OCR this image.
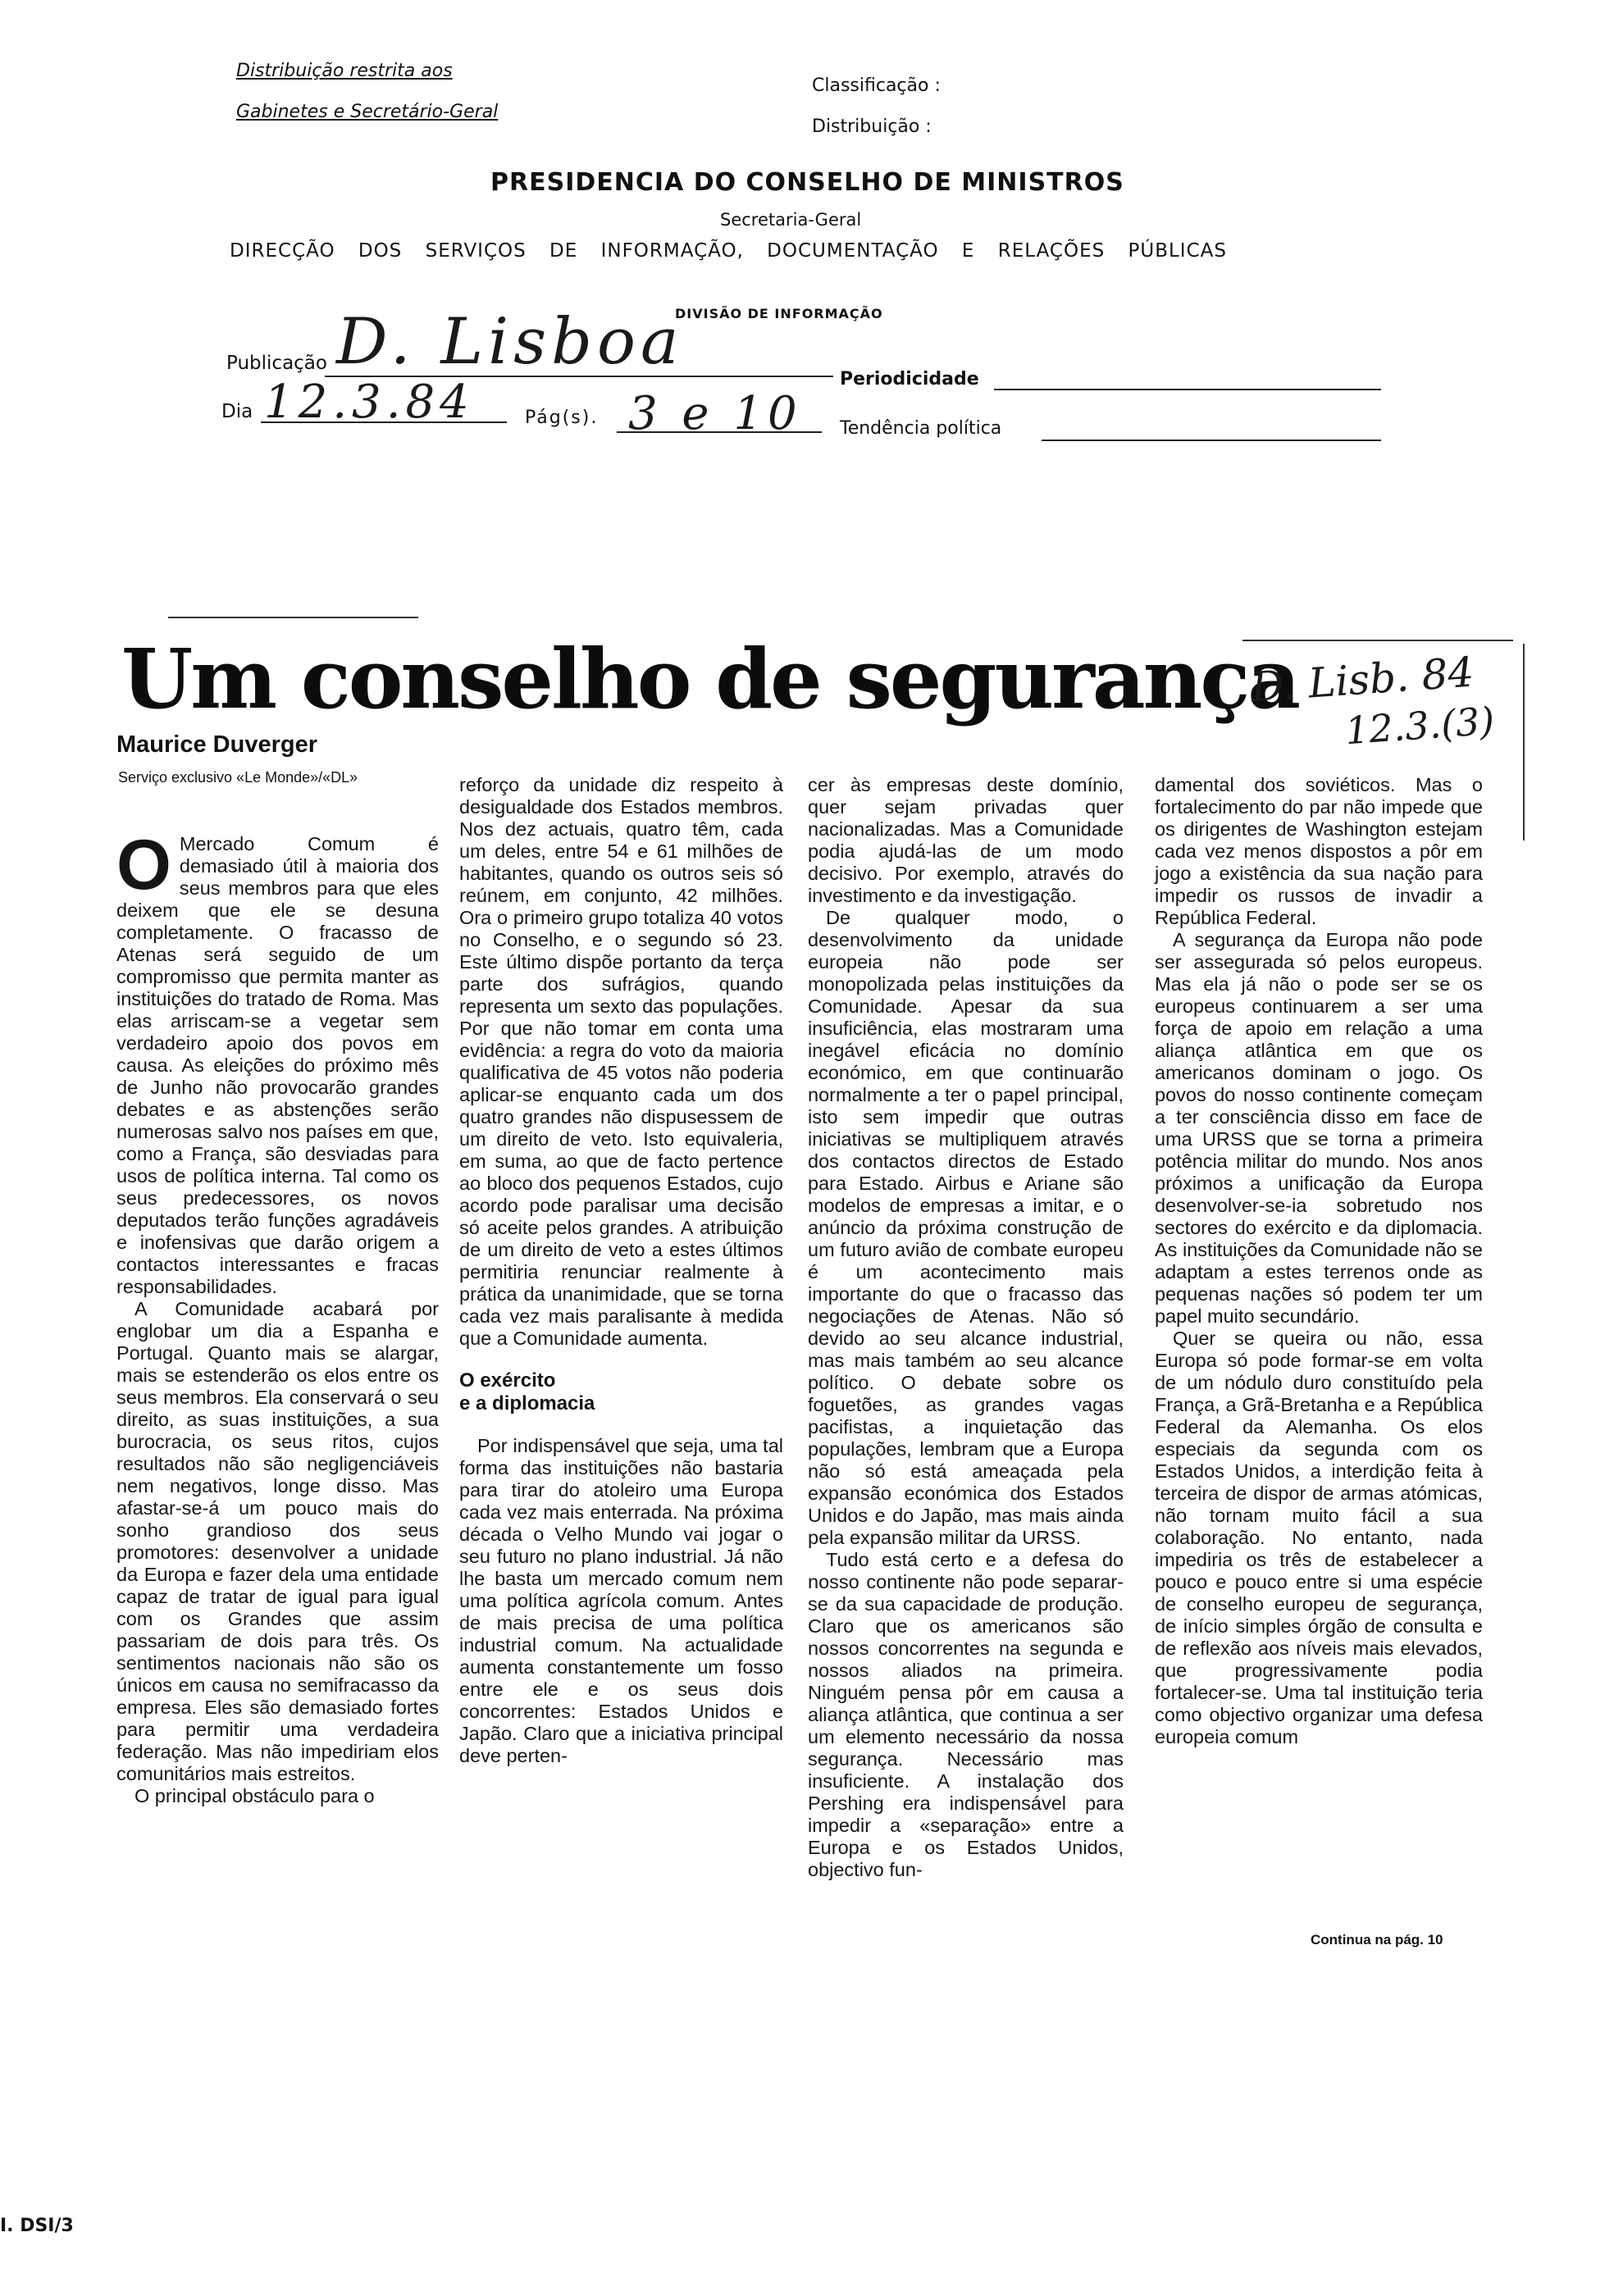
Distribuição restrita aos
Gabinetes e Secretário-Geral
Classificação :
Distribuição :
PRESIDENCIA DO CONSELHO DE MINISTROS
Secretaria-Geral
DIRECÇÃO DOS SERVIÇOS DE INFORMAÇÃO, DOCUMENTAÇÃO E RELAÇÕES PÚBLICAS
DIVISÃO DE INFORMAÇÃO
Publicação D. Lisboa
Dia 12.3.84	Pág(s). 3 e 10
Periodicidade
Tendência política
Um conselho de segurança
D. Lisb. 84
12.3.(3)
Maurice Duverger
Serviço exclusivo «Le Monde»/«DL»
O Mercado Comum é demasiado útil à maioria dos seus membros para que eles deixem que ele se desuna completamente. O fracasso de Atenas será seguido de um compromisso que permita manter as instituições do tratado de Roma. Mas elas arriscam-se a vegetar sem verdadeiro apoio dos povos em causa. As eleições do próximo mês de Junho não provocarão grandes debates e as abstenções serão numerosas salvo nos países em que, como a França, são desviadas para usos de política interna. Tal como os seus predecessores, os novos deputados terão funções agradáveis e inofensivas que darão origem a contactos interessantes e fracas responsabilidades.

A Comunidade acabará por englobar um dia a Espanha e Portugal. Quanto mais se alargar, mais se estenderão os elos entre os seus membros. Ela conservará o seu direito, as suas instituições, a sua burocracia, os seus ritos, cujos resultados não são negligenciáveis nem negativos, longe disso. Mas afastar-se-á um pouco mais do sonho grandioso dos seus promotores: desenvolver a unidade da Europa e fazer dela uma entidade capaz de tratar de igual para igual com os Grandes que assim passariam de dois para três. Os sentimentos nacionais não são os únicos em causa no semifracasso da empresa. Eles são demasiado fortes para permitir uma verdadeira federação. Mas não impediriam elos comunitários mais estreitos.

O principal obstáculo para o

reforço da unidade diz respeito à desigualdade dos Estados membros. Nos dez actuais, quatro têm, cada um deles, entre 54 e 61 milhões de habitantes, quando os outros seis só reúnem, em conjunto, 42 milhões. Ora o primeiro grupo totaliza 40 votos no Conselho, e o segundo só 23. Este último dispõe portanto da terça parte dos sufrágios, quando representa um sexto das populações. Por que não tomar em conta uma evidência: a regra do voto da maioria qualificativa de 45 votos não poderia aplicar-se enquanto cada um dos quatro grandes não dispusessem de um direito de veto. Isto equivaleria, em suma, ao que de facto pertence ao bloco dos pequenos Estados, cujo acordo pode paralisar uma decisão só aceite pelos grandes. A atribuição de um direito de veto a estes últimos permitiria renunciar realmente à prática da unanimidade, que se torna cada vez mais paralisante à medida que a Comunidade aumenta.

O exército
e a diplomacia

Por indispensável que seja, uma tal forma das instituições não bastaria para tirar do atoleiro uma Europa cada vez mais enterrada. Na próxima década o Velho Mundo vai jogar o seu futuro no plano industrial. Já não lhe basta um mercado comum nem uma política agrícola comum. Antes de mais precisa de uma política industrial comum. Na actualidade aumenta constantemente um fosso entre ele e os seus dois concorrentes: Estados Unidos e Japão. Claro que a iniciativa principal deve perten-

cer às empresas deste domínio, quer sejam privadas quer nacionalizadas. Mas a Comunidade podia ajudá-las de um modo decisivo. Por exemplo, através do investimento e da investigação.

De qualquer modo, o desenvolvimento da unidade europeia não pode ser monopolizada pelas instituições da Comunidade. Apesar da sua insuficiência, elas mostraram uma inegável eficácia no domínio económico, em que continuarão normalmente a ter o papel principal, isto sem impedir que outras iniciativas se multipliquem através dos contactos directos de Estado para Estado. Airbus e Ariane são modelos de empresas a imitar, e o anúncio da próxima construção de um futuro avião de combate europeu é um acontecimento mais importante do que o fracasso das negociações de Atenas. Não só devido ao seu alcance industrial, mas mais também ao seu alcance político. O debate sobre os foguetões, as grandes vagas pacifistas, a inquietação das populações, lembram que a Europa não só está ameaçada pela expansão económica dos Estados Unidos e do Japão, mas mais ainda pela expansão militar da URSS.

Tudo está certo e a defesa do nosso continente não pode separar-se da sua capacidade de produção. Claro que os americanos são nossos concorrentes na segunda e nossos aliados na primeira. Ninguém pensa pôr em causa a aliança atlântica, que continua a ser um elemento necessário da nossa segurança. Necessário mas insuficiente. A instalação dos Pershing era indispensável para impedir a «separação» entre a Europa e os Estados Unidos, objectivo fun-

damental dos soviéticos. Mas o fortalecimento do par não impede que os dirigentes de Washington estejam cada vez menos dispostos a pôr em jogo a existência da sua nação para impedir os russos de invadir a República Federal.

A segurança da Europa não pode ser assegurada só pelos europeus. Mas ela já não o pode ser se os europeus continuarem a ser uma força de apoio em relação a uma aliança atlântica em que os americanos dominam o jogo. Os povos do nosso continente começam a ter consciência disso em face de uma URSS que se torna a primeira potência militar do mundo. Nos anos próximos a unificação da Europa desenvolver-se-ia sobretudo nos sectores do exército e da diplomacia. As instituições da Comunidade não se adaptam a estes terrenos onde as pequenas nações só podem ter um papel muito secundário.

Quer se queira ou não, essa Europa só pode formar-se em volta de um nódulo duro constituído pela França, a Grã-Bretanha e a República Federal da Alemanha. Os elos especiais da segunda com os Estados Unidos, a interdição feita à terceira de dispor de armas atómicas, não tornam muito fácil a sua colaboração. No entanto, nada impediria os três de estabelecer a pouco e pouco entre si uma espécie de conselho europeu de segurança, de início simples órgão de consulta e de reflexão aos níveis mais elevados, que progressivamente podia fortalecer-se. Uma tal instituição teria como objectivo organizar uma defesa europeia comum

Continua na pág. 10
I. DSI/3
